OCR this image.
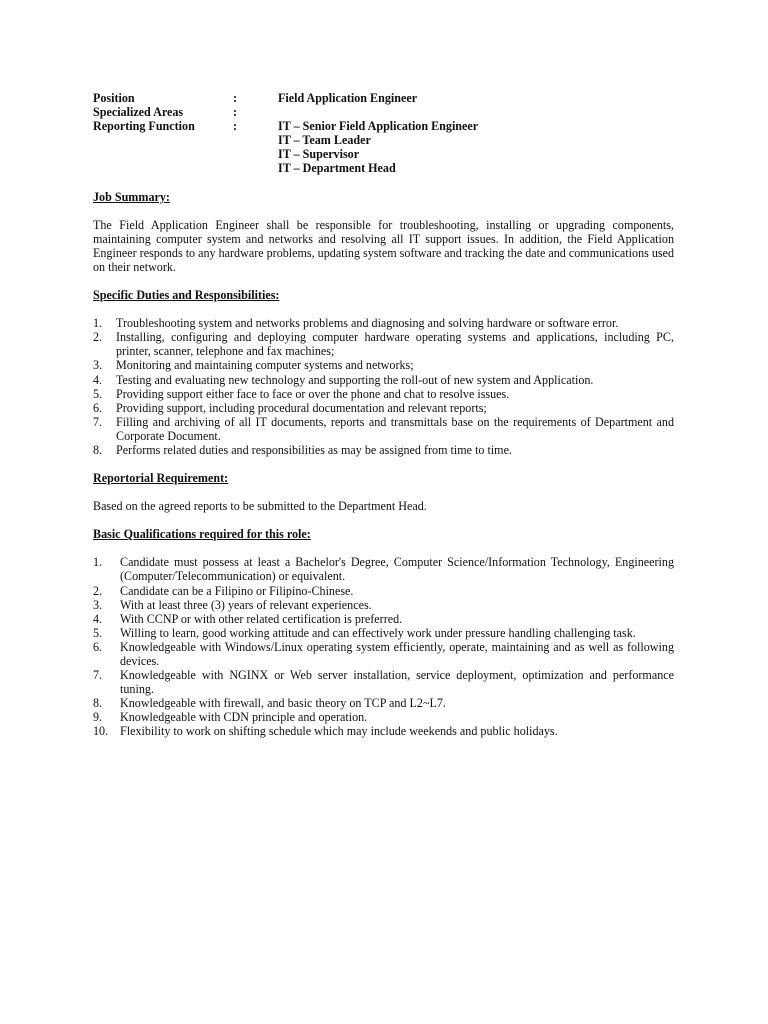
Position	:	Field Application Engineer
Specialized Areas	:
Reporting Function	:	IT – Senior Field Application Engineer
IT – Team Leader
IT – Supervisor
IT – Department Head

Job Summary:

The Field Application Engineer shall be responsible for troubleshooting, installing or upgrading components, maintaining computer system and networks and resolving all IT support issues. In addition, the Field Application Engineer responds to any hardware problems, updating system software and tracking the date and communications used on their network.

Specific Duties and Responsibilities:

1.	Troubleshooting system and networks problems and diagnosing and solving hardware or software error.
2.	Installing, configuring and deploying computer hardware operating systems and applications, including PC, printer, scanner, telephone and fax machines;
3.	Monitoring and maintaining computer systems and networks;
4.	Testing and evaluating new technology and supporting the roll-out of new system and Application.
5.	Providing support either face to face or over the phone and chat to resolve issues.
6.	Providing support, including procedural documentation and relevant reports;
7.	Filling and archiving of all IT documents, reports and transmittals base on the requirements of Department and Corporate Document.
8.	Performs related duties and responsibilities as may be assigned from time to time.

Reportorial Requirement:

Based on the agreed reports to be submitted to the Department Head.

Basic Qualifications required for this role:

1.	Candidate must possess at least a Bachelor's Degree, Computer Science/Information Technology, Engineering (Computer/Telecommunication) or equivalent.
2.	Candidate can be a Filipino or Filipino-Chinese.
3.	With at least three (3) years of relevant experiences.
4.	With CCNP or with other related certification is preferred.
5.	Willing to learn, good working attitude and can effectively work under pressure handling challenging task.
6.	Knowledgeable with Windows/Linux operating system efficiently, operate, maintaining and as well as following devices.
7.	Knowledgeable with NGINX or Web server installation, service deployment, optimization and performance tuning.
8.	Knowledgeable with firewall, and basic theory on TCP and L2~L7.
9.	Knowledgeable with CDN principle and operation.
10. Flexibility to work on shifting schedule which may include weekends and public holidays.
